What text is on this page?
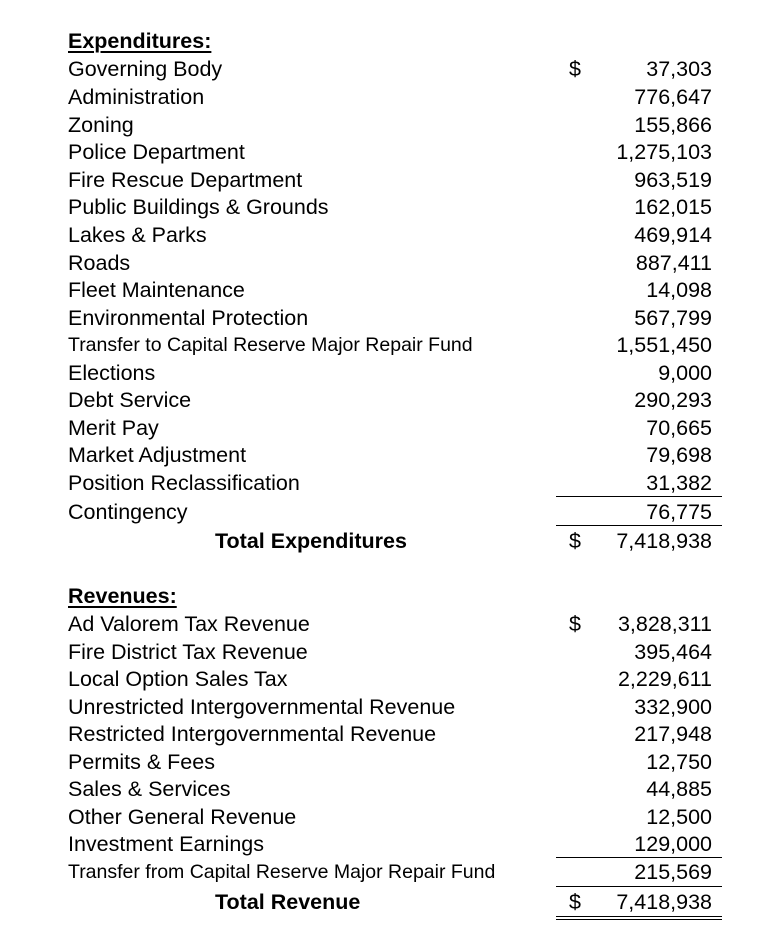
Expenditures:
Governing Body	$	37,303
Administration	776,647
Zoning	155,866
Police Department	1,275,103
Fire Rescue Department	963,519
Public Buildings & Grounds	162,015
Lakes & Parks	469,914
Roads	887,411
Fleet Maintenance	14,098
Environmental Protection	567,799
Transfer to Capital Reserve Major Repair Fund	1,551,450
Elections	9,000
Debt Service	290,293
Merit Pay	70,665
Market Adjustment	79,698
Position Reclassification	31,382
Contingency	76,775
Total Expenditures	$ 7,418,938
Revenues:
Ad Valorem Tax Revenue	$ 3,828,311
Fire District Tax Revenue	395,464
Local Option Sales Tax	2,229,611
Unrestricted Intergovernmental Revenue	332,900
Restricted Intergovernmental Revenue	217,948
Permits & Fees	12,750
Sales & Services	44,885
Other General Revenue	12,500
Investment Earnings	129,000
Transfer from Capital Reserve Major Repair Fund	215,569
Total Revenue	$ 7,418,938
